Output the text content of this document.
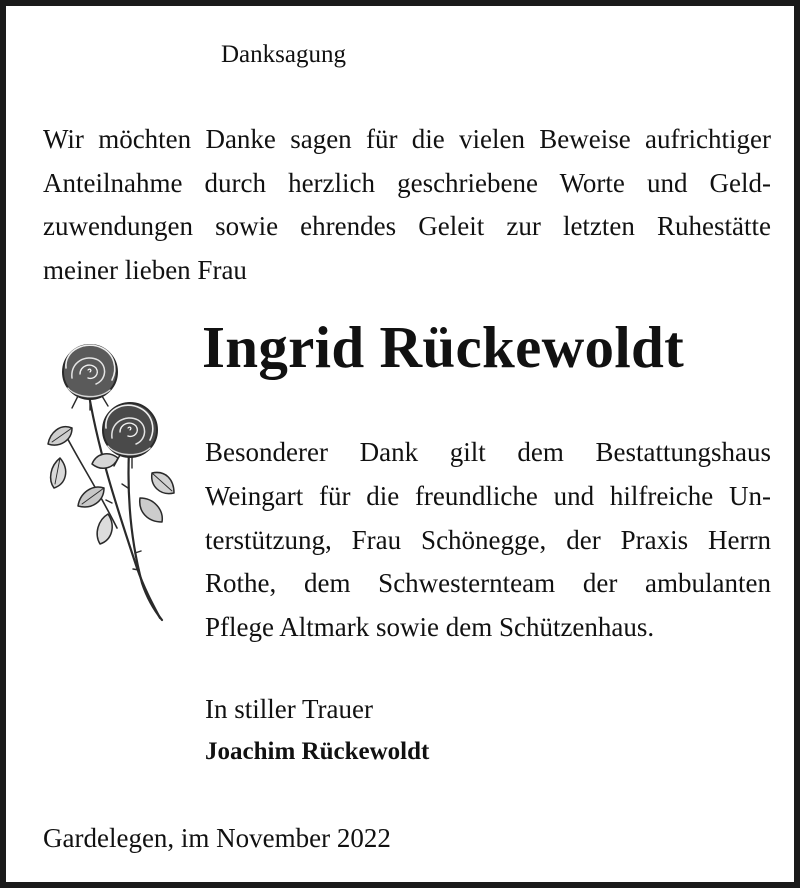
Danksagung
Wir möchten Danke sagen für die vielen Beweise aufrichtiger
Anteilnahme durch herzlich geschriebene Worte und Geld-
zuwendungen sowie ehrendes Geleit zur letzten Ruhestätte
meiner lieben Frau
Ingrid Rückewoldt
Besonderer Dank gilt dem Bestattungshaus
Weingart für die freundliche und hilfreiche Un-
terstützung, Frau Schönegge, der Praxis Herrn
Rothe, dem Schwesternteam der ambulanten
Pflege Altmark sowie dem Schützenhaus.
In stiller Trauer
Joachim Rückewoldt
Gardelegen, im November 2022
